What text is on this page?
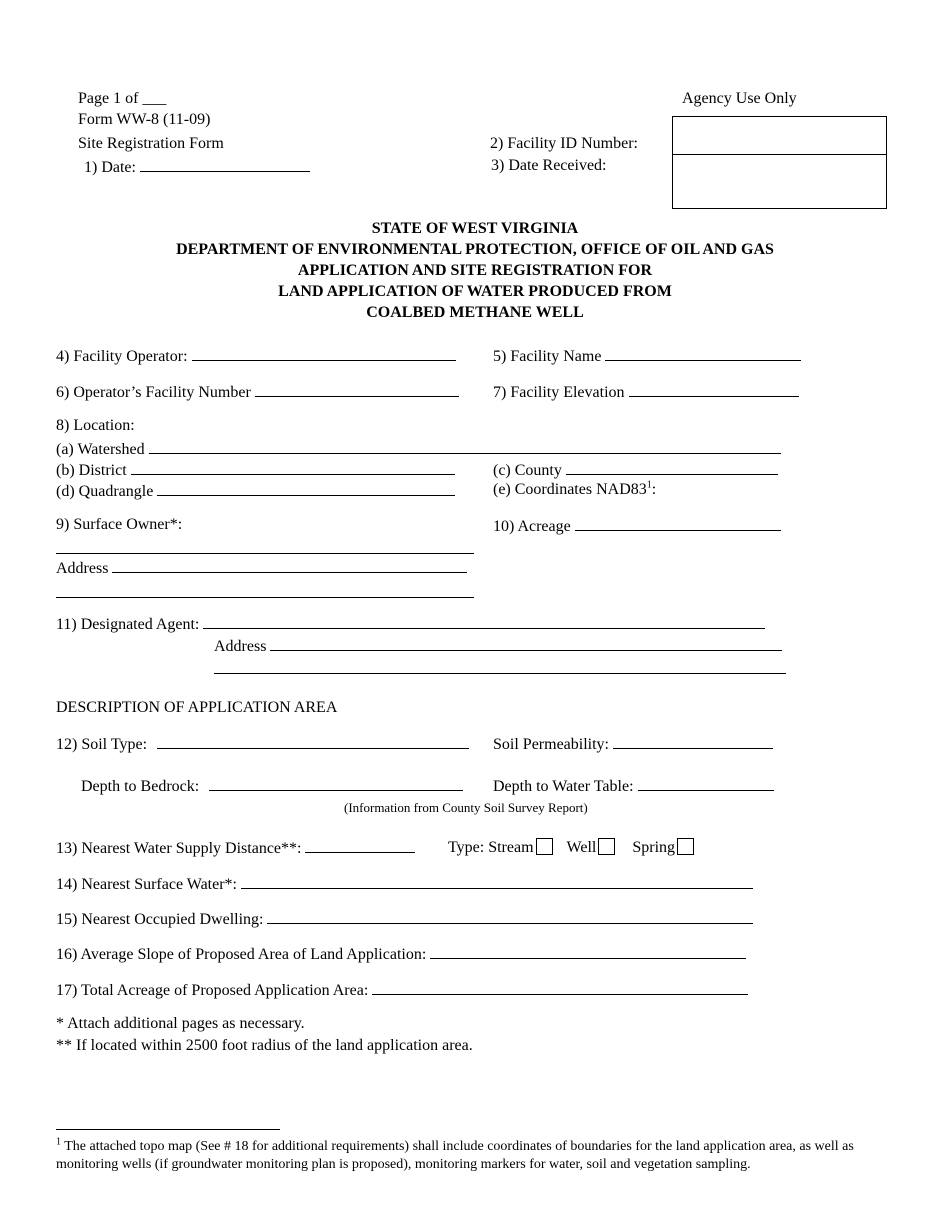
Page 1 of ___
Form WW-8 (11-09)
Site Registration Form
1) Date:
2) Facility ID Number:
3) Date Received:
Agency Use Only
STATE OF WEST VIRGINIA
DEPARTMENT OF ENVIRONMENTAL PROTECTION, OFFICE OF OIL AND GAS
APPLICATION AND SITE REGISTRATION FOR
LAND APPLICATION OF WATER PRODUCED FROM
COALBED METHANE WELL
4) Facility Operator:	5) Facility Name
6) Operator’s Facility Number	7) Facility Elevation
8) Location:
(a) Watershed
(b) District	(c) County
(d) Quadrangle	(e) Coordinates $NAD83^1$:
9) Surface Owner*:	10) Acreage
Address
11) Designated Agent:
Address
DESCRIPTION OF APPLICATION AREA
12) Soil Type:	Soil Permeability:
Depth to Bedrock:	Depth to Water Table:
(Information from County Soil Survey Report)
13) Nearest Water Supply Distance**:	Type: Stream Well Spring
14) Nearest Surface Water*:
15) Nearest Occupied Dwelling:
16) Average Slope of Proposed Area of Land Application:
17) Total Acreage of Proposed Application Area:
* Attach additional pages as necessary.
** If located within 2500 foot radius of the land application area.
$^1$ The attached topo map (See # 18 for additional requirements) shall include coordinates of boundaries for the land application area, as well as monitoring wells (if groundwater monitoring plan is proposed), monitoring markers for water, soil and vegetation sampling.
